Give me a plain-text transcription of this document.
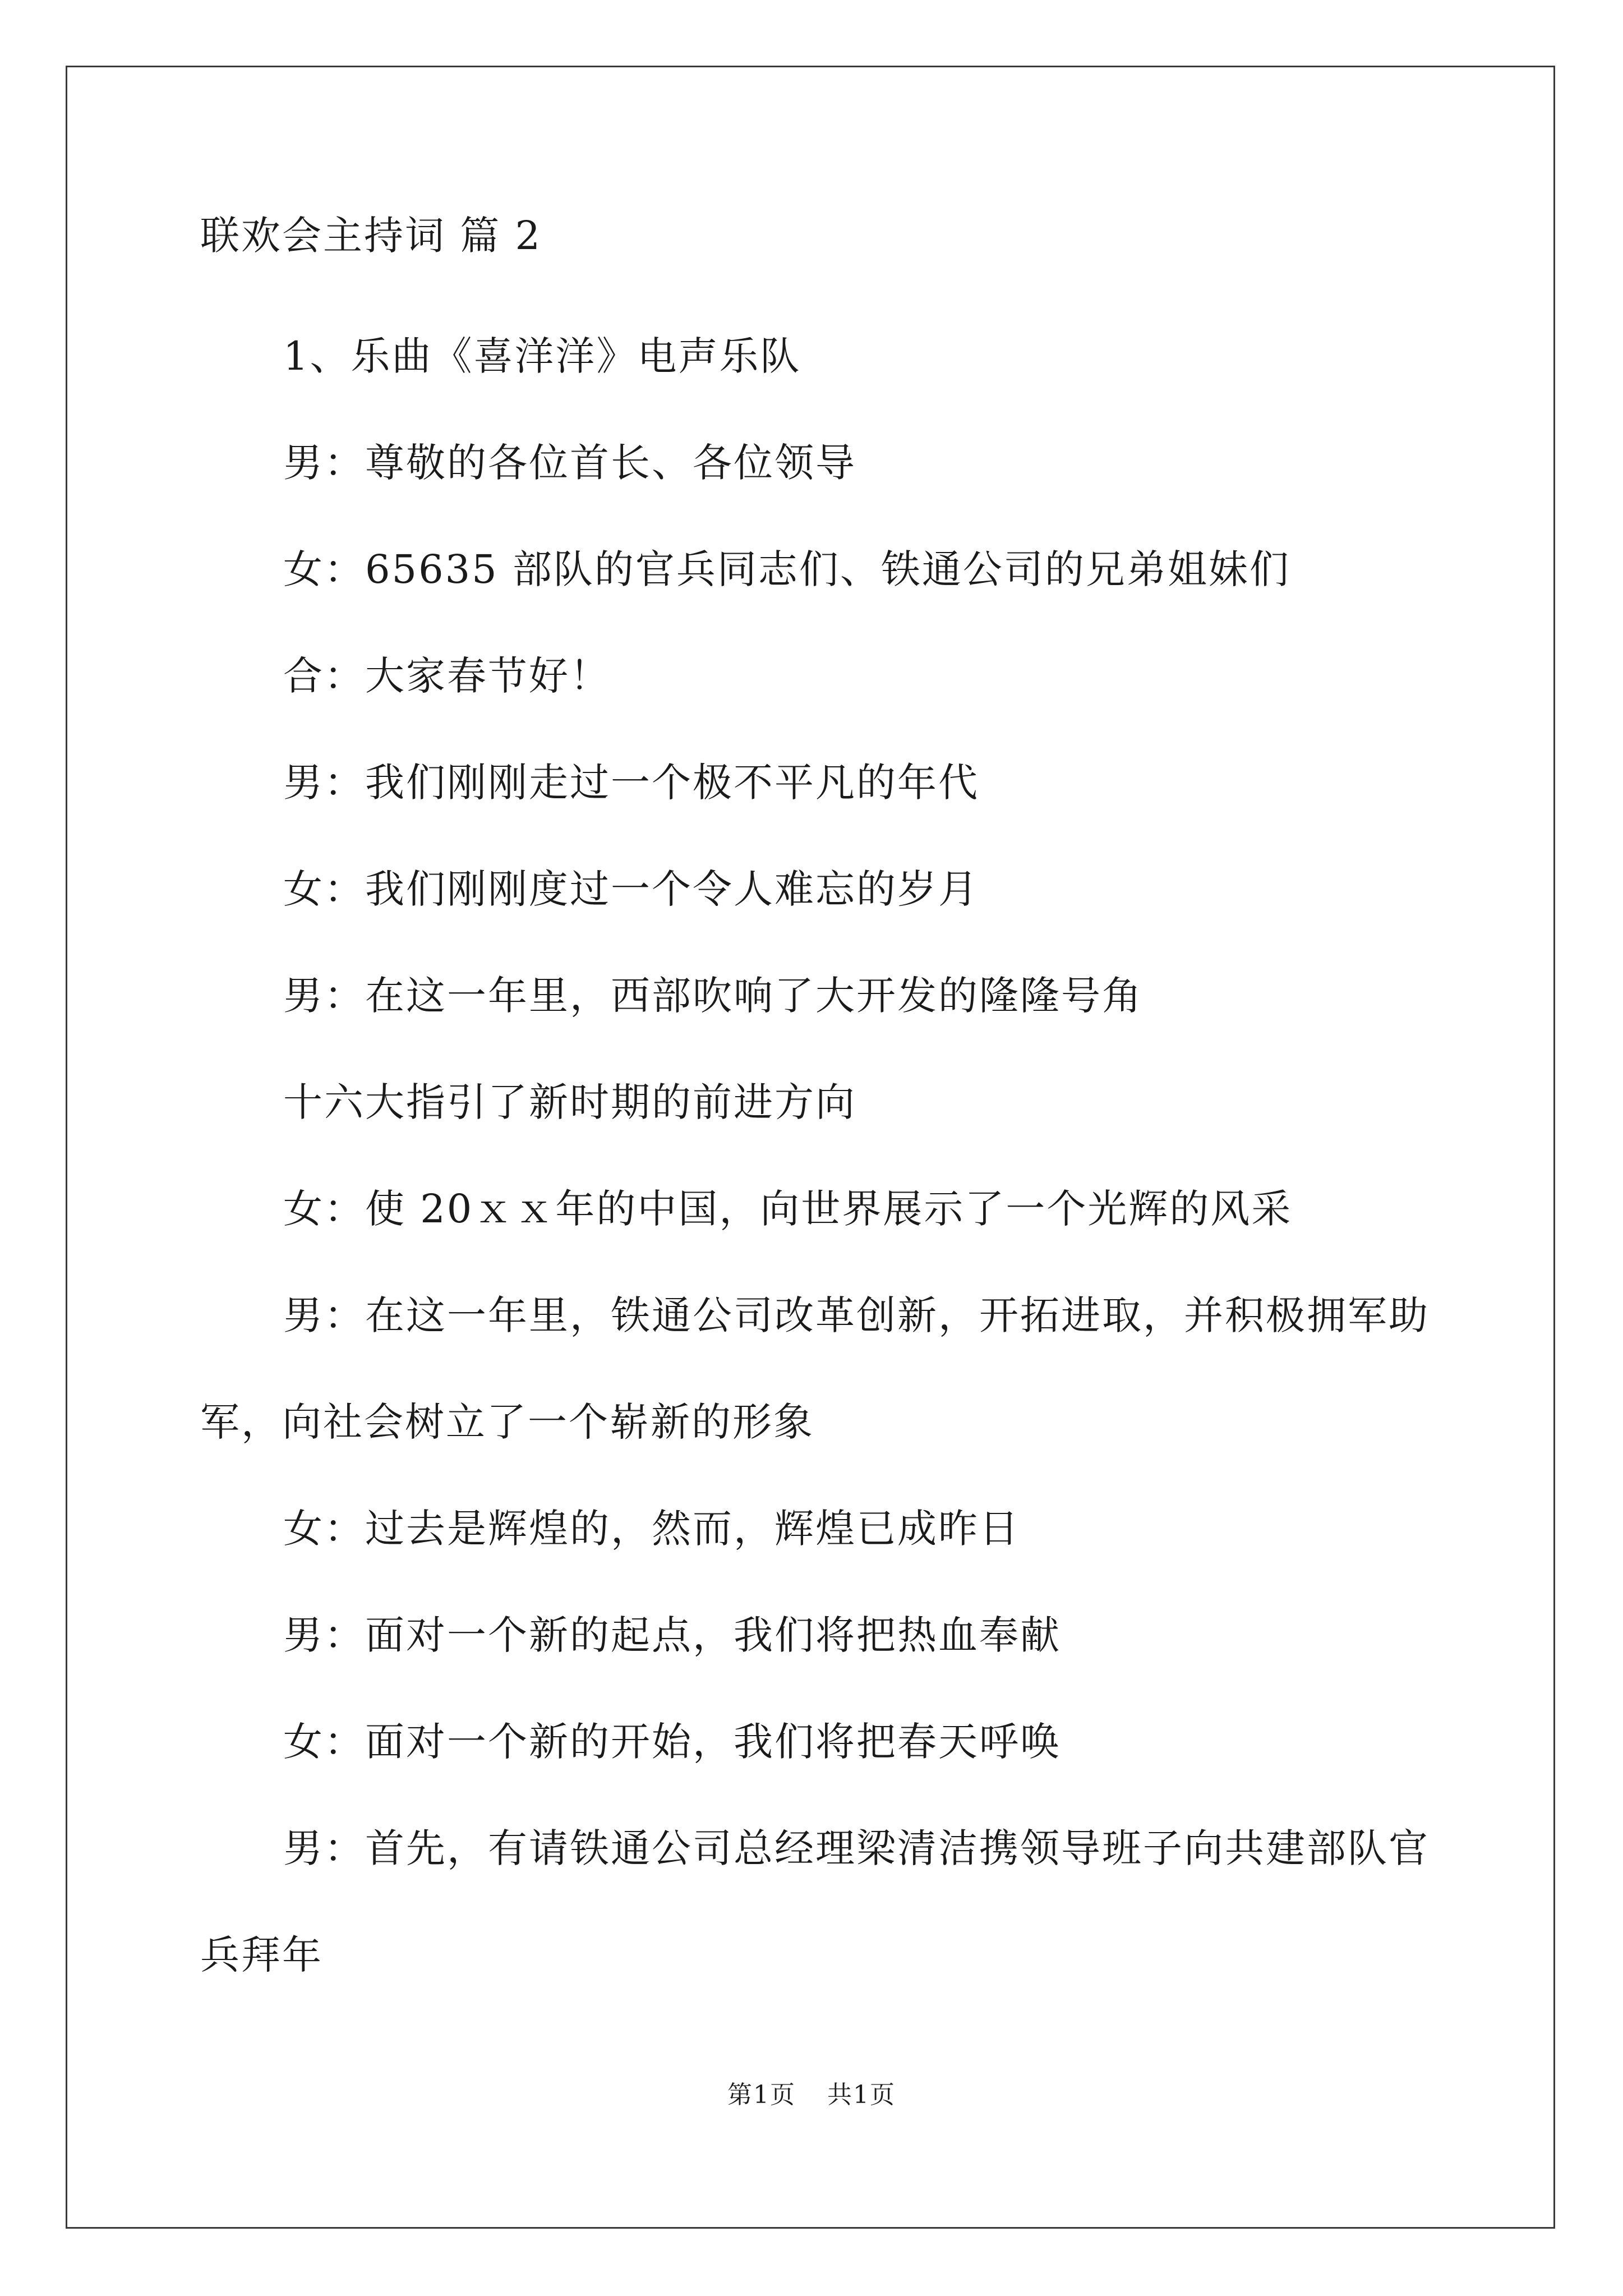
联欢会主持词 篇 2
1、乐曲《喜洋洋》电声乐队
男：尊敬的各位首长、各位领导
女：65635 部队的官兵同志们、铁通公司的兄弟姐妹们
合：大家春节好！
男：我们刚刚走过一个极不平凡的年代
女：我们刚刚度过一个令人难忘的岁月
男：在这一年里，西部吹响了大开发的隆隆号角
十六大指引了新时期的前进方向
女：使 20ｘｘ年的中国，向世界展示了一个光辉的风采
男：在这一年里，铁通公司改革创新，开拓进取，并积极拥军助
军，向社会树立了一个崭新的形象
女：过去是辉煌的，然而，辉煌已成昨日
男：面对一个新的起点，我们将把热血奉献
女：面对一个新的开始，我们将把春天呼唤
男：首先，有请铁通公司总经理梁清洁携领导班子向共建部队官
兵拜年
第1页 共1页
